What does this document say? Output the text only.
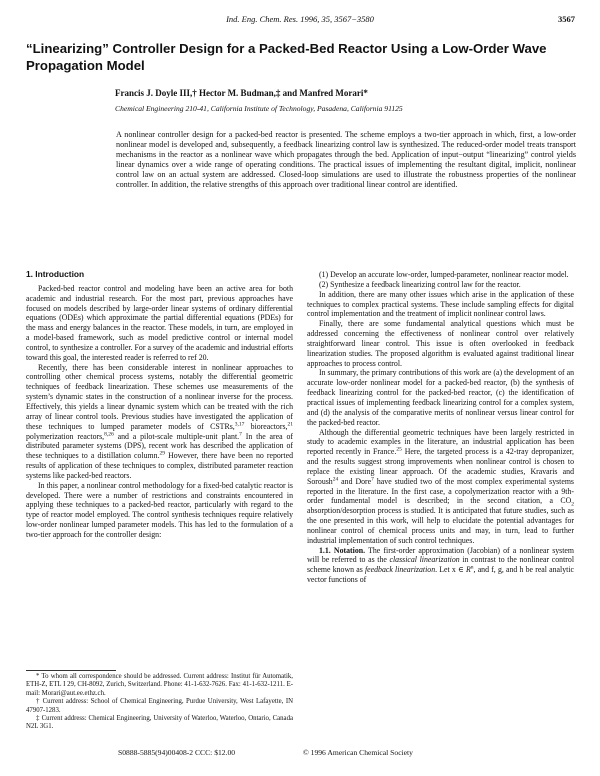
Ind. Eng. Chem. Res. 1996, 35, 3567−3580	3567
“Linearizing” Controller Design for a Packed-Bed Reactor Using a Low-Order Wave Propagation Model
Francis J. Doyle III,† Hector M. Budman,‡ and Manfred Morari*
Chemical Engineering 210-41, California Institute of Technology, Pasadena, California 91125
A nonlinear controller design for a packed-bed reactor is presented. The scheme employs a two-tier approach in which, first, a low-order nonlinear model is developed and, subsequently, a feedback linearizing control law is synthesized. The reduced-order model treats transport mechanisms in the reactor as a nonlinear wave which propagates through the bed. Application of input−output “linearizing” control yields linear dynamics over a wide range of operating conditions. The practical issues of implementing the resultant digital, implicit, nonlinear control law on an actual system are addressed. Closed-loop simulations are used to illustrate the robustness properties of the nonlinear controller. In addition, the relative strengths of this approach over traditional linear control are identified.
1. Introduction

Packed-bed reactor control and modeling have been an active area for both academic and industrial research. For the most part, previous approaches have focused on models described by large-order linear systems of ordinary differential equations (ODEs) which approximate the partial differential equations (PDEs) for the mass and energy balances in the reactor. These models, in turn, are employed in a model-based framework, such as model predictive control or internal model control, to synthesize a controller. For a survey of the academic and industrial efforts toward this goal, the interested reader is referred to ref 20.

Recently, there has been considerable interest in nonlinear approaches to controlling other chemical process systems, notably the differential geometric techniques of feedback linearization. These schemes use measurements of the system’s dynamic states in the construction of a nonlinear inverse for the process. Effectively, this yields a linear dynamic system which can be treated with the rich array of linear control tools. Previous studies have investigated the application of these techniques to lumped parameter models of CSTRs,$^{3,17}$ bioreactors,$^{21}$ polymerization reactors,$^{8,26}$ and a pilot-scale multiple-unit plant.$^7$ In the area of distributed parameter systems (DPS), recent work has described the application of these techniques to a distillation column.$^{29}$ However, there have been no reported results of application of these techniques to complex, distributed parameter reaction systems like packed-bed reactors.

In this paper, a nonlinear control methodology for a fixed-bed catalytic reactor is developed. There were a number of restrictions and constraints encountered in applying these techniques to a packed-bed reactor, particularly with regard to the type of reactor model employed. The control synthesis techniques require relatively low-order nonlinear lumped parameter models. This has led to the formulation of a two-tier approach for the controller design:

* To whom all correspondence should be addressed. Current address: Institut für Automatik, ETH-Z, ETL I 29, CH-8092, Zurich, Switzerland. Phone: 41-1-632-7626. Fax: 41-1-632-1211. E-mail: Morari@aut.ee.ethz.ch.

† Current address: School of Chemical Engineering, Purdue University, West Lafayette, IN 47907-1283.

‡ Current address: Chemical Engineering, University of Waterloo, Waterloo, Ontario, Canada N2L 3G1.

(1) Develop an accurate low-order, lumped-parameter, nonlinear reactor model.

(2) Synthesize a feedback linearizing control law for the reactor.

In addition, there are many other issues which arise in the application of these techniques to complex practical systems. These include sampling effects for digital control implementation and the treatment of implicit nonlinear control laws.

Finally, there are some fundamental analytical questions which must be addressed concerning the effectiveness of nonlinear control over relatively straightforward linear control. This issue is often overlooked in feedback linearization studies. The proposed algorithm is evaluated against traditional linear approaches to process control.

In summary, the primary contributions of this work are (a) the development of an accurate low-order nonlinear model for a packed-bed reactor, (b) the synthesis of feedback linearizing control for the packed-bed reactor, (c) the identification of practical issues of implementing feedback linearizing control for a complex system, and (d) the analysis of the comparative merits of nonlinear versus linear control for the packed-bed reactor.

Although the differential geometric techniques have been largely restricted in study to academic examples in the literature, an industrial application has been reported recently in France.$^{25}$ Here, the targeted process is a 42-tray depropanizer, and the results suggest strong improvements when nonlinear control is chosen to replace the existing linear approach. Of the academic studies, Kravaris and Soroush$^{24}$ and Dore$^7$ have studied two of the most complex experimental systems reported in the literature. In the first case, a copolymerization reactor with a 9th-order fundamental model is described; in the second citation, a $CO_2$ absorption/desorption process is studied. It is anticipated that future studies, such as the one presented in this work, will help to elucidate the potential advantages for nonlinear control of chemical process units and may, in turn, lead to further industrial implementation of such control techniques.

1.1. Notation. The first-order approximation (Jacobian) of a nonlinear system will be referred to as the classical linearization in contrast to the nonlinear control scheme known as feedback linearization. Let x ∈ $R^n$, and f, g, and h be real analytic vector functions of

S0888-5885(94)00408-2 CCC: $12.00	© 1996 American Chemical Society
